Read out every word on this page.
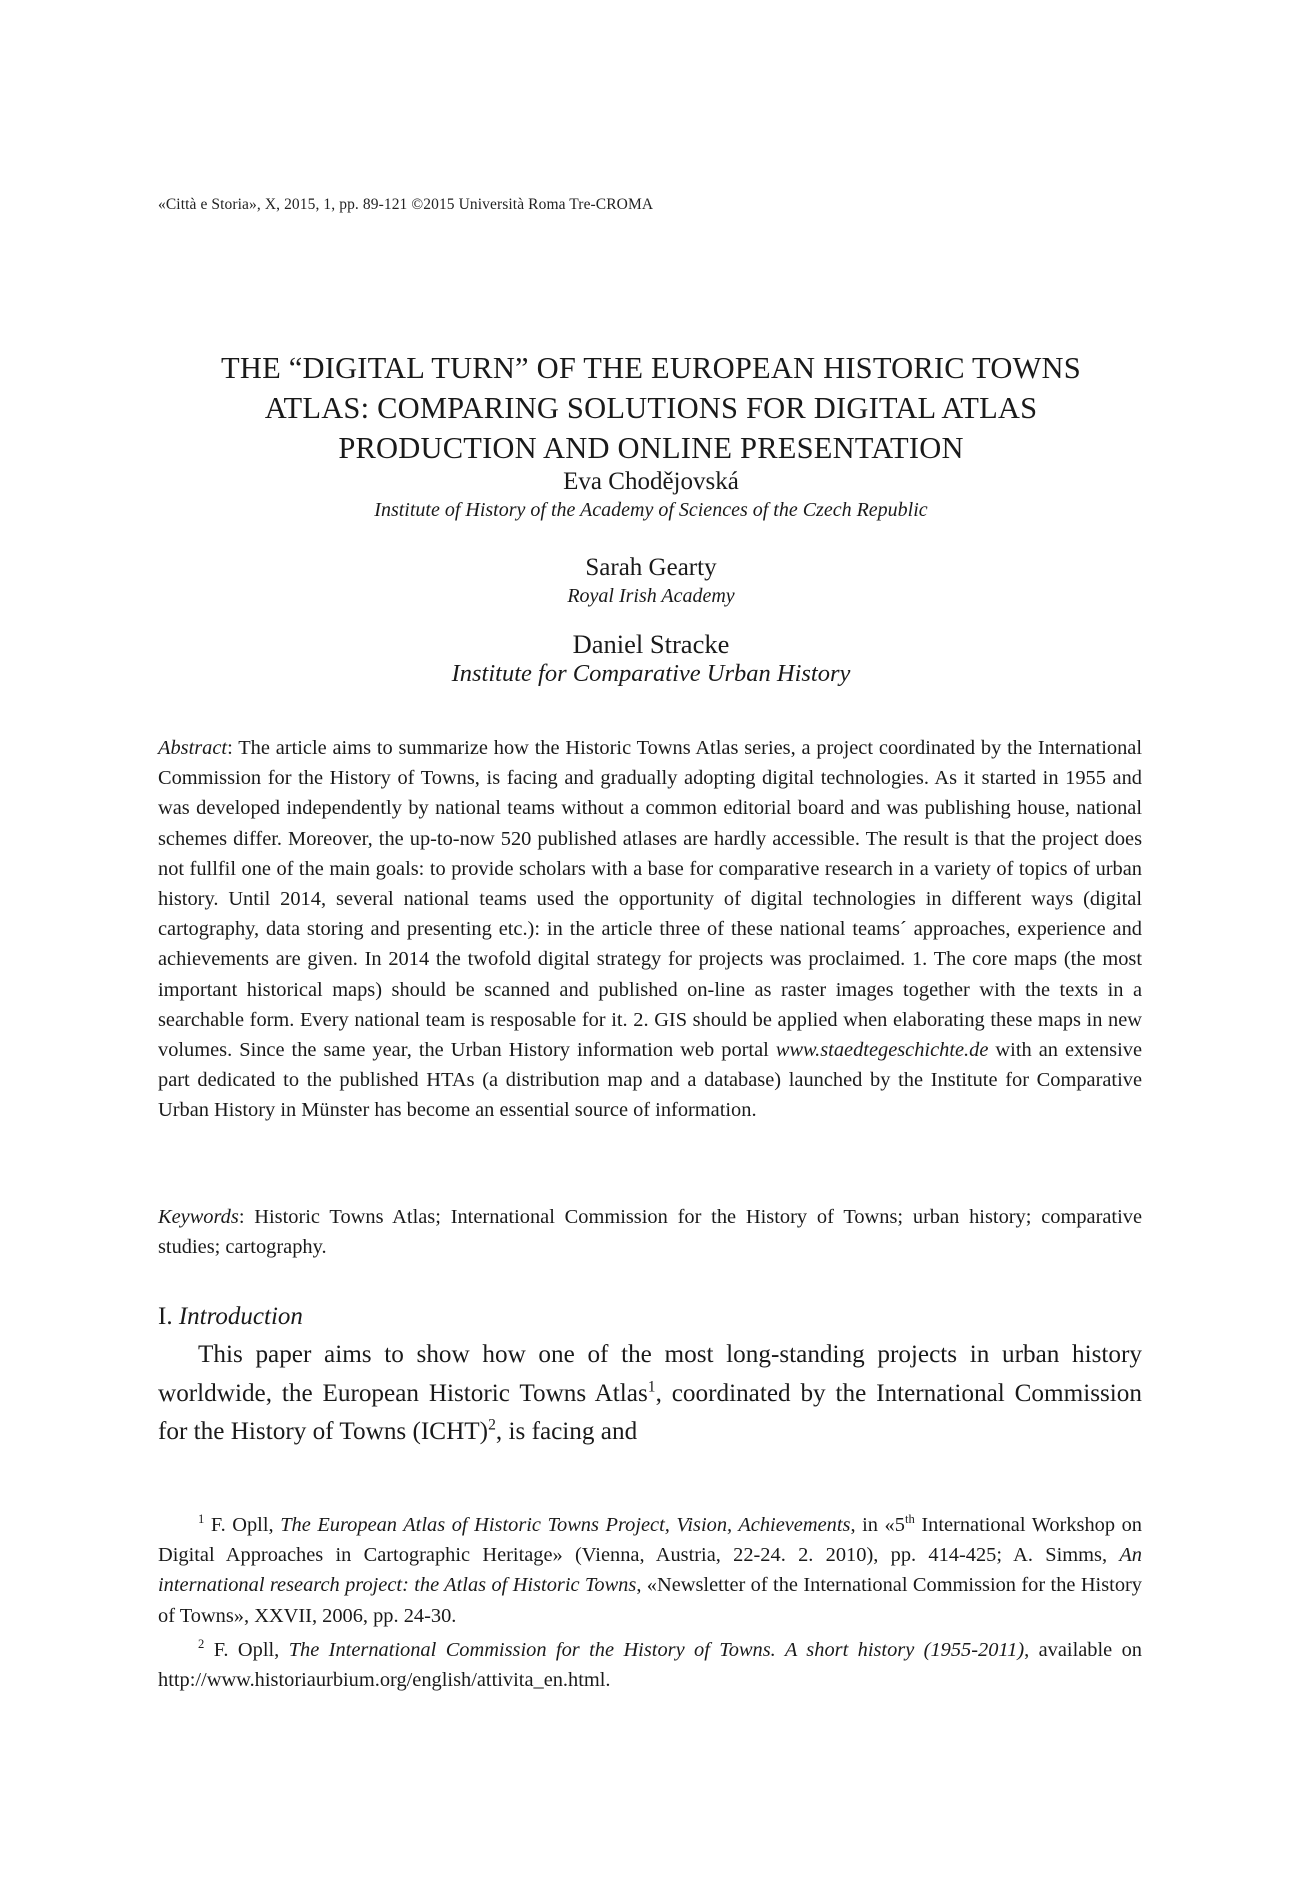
«Città e Storia», X, 2015, 1, pp. 89-121 ©2015 Università Roma Tre-CROMA
THE “DIGITAL TURN” OF THE EUROPEAN HISTORIC TOWNS
ATLAS: COMPARING SOLUTIONS FOR DIGITAL ATLAS
PRODUCTION AND ONLINE PRESENTATION
Eva Chodějovská
Institute of History of the Academy of Sciences of the Czech Republic
Sarah Gearty
Royal Irish Academy
Daniel Stracke
Institute for Comparative Urban History

Abstract: The article aims to summarize how the Historic Towns Atlas series, a project coordinated by the International Commission for the History of Towns, is facing and gradually adopting digital technologies. As it started in 1955 and was developed independently by national teams without a common editorial board and was publishing house, national schemes differ. Moreover, the up-to-now 520 published atlases are hardly accessible. The result is that the project does not fullfil one of the main goals: to provide scholars with a base for comparative research in a variety of topics of urban history. Until 2014, several national teams used the opportunity of digital technologies in different ways (digital cartography, data storing and presenting etc.): in the article three of these national teams´ approaches, experience and achievements are given. In 2014 the twofold digital strategy for projects was proclaimed. 1. The core maps (the most important historical maps) should be scanned and published on-line as raster images together with the texts in a searchable form. Every national team is resposable for it. 2. GIS should be applied when elaborating these maps in new volumes. Since the same year, the Urban History information web portal www.staedtegeschichte.de with an extensive part dedicated to the published HTAs (a distribution map and a database) launched by the Institute for Comparative Urban History in Münster has become an essential source of information.

Keywords: Historic Towns Atlas; International Commission for the History of Towns; urban history; comparative studies; cartography.

I. Introduction

This paper aims to show how one of the most long-standing projects in urban history worldwide, the European Historic Towns Atlas$^1$, coordinated by the International Commission for the History of Towns (ICHT)$^2$, is facing and

$^1$ F. Opll, The European Atlas of Historic Towns Project, Vision, Achievements, in «5th International Workshop on Digital Approaches in Cartographic Heritage» (Vienna, Austria, 22-24. 2. 2010), pp. 414-425; A. Simms, An international research project: the Atlas of Historic Towns, «Newsletter of the International Commission for the History of Towns», XXVII, 2006, pp. 24-30.

$^2$ F. Opll, The International Commission for the History of Towns. A short history (1955-2011), available on http://www.historiaurbium.org/english/attivita_en.html.
